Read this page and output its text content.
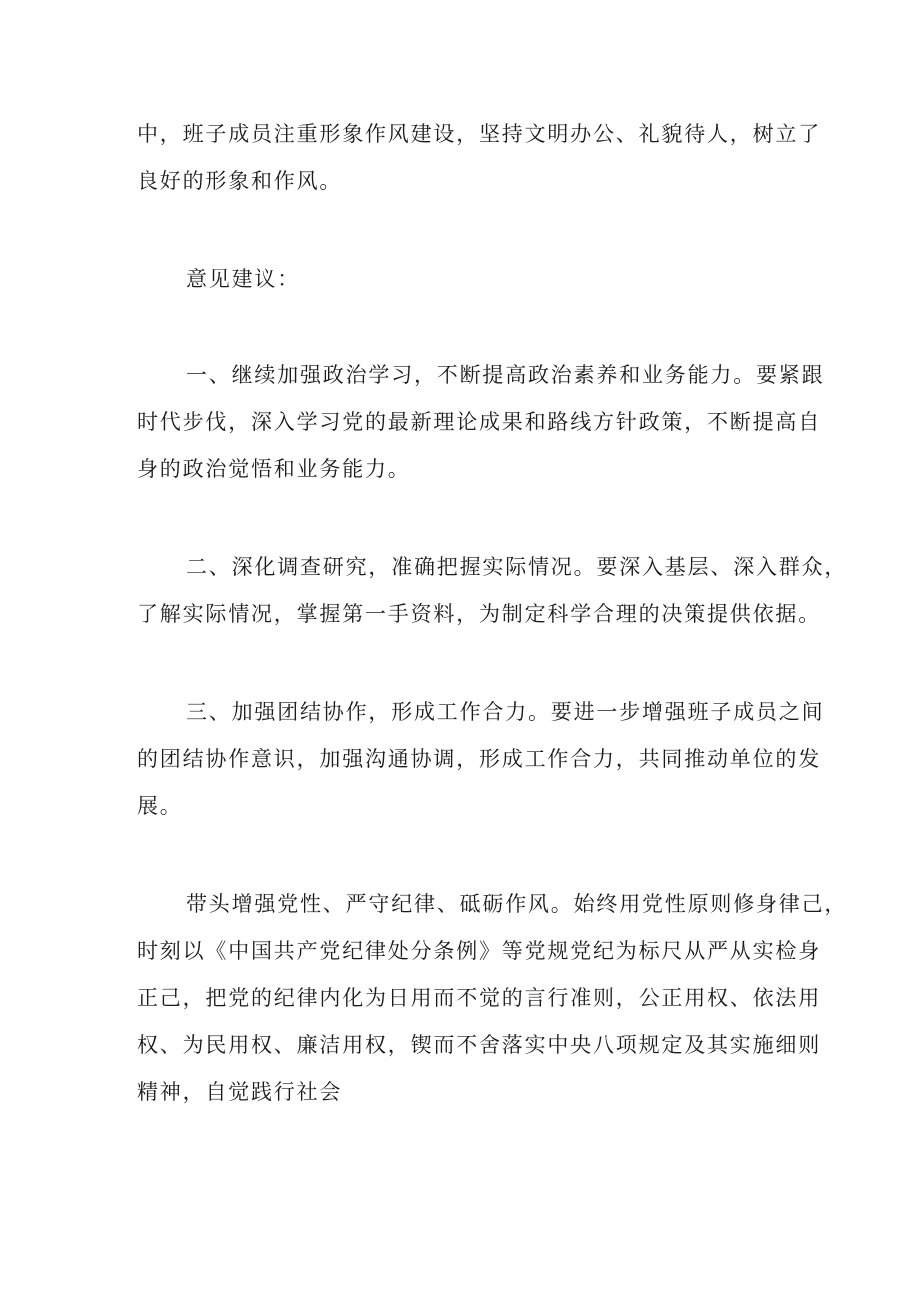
中，班子成员注重形象作风建设，坚持文明办公、礼貌待人，树立了
良好的形象和作风。

意见建议：

一、继续加强政治学习，不断提高政治素养和业务能力。要紧跟
时代步伐，深入学习党的最新理论成果和路线方针政策，不断提高自
身的政治觉悟和业务能力。

二、深化调查研究，准确把握实际情况。要深入基层、深入群众，
了解实际情况，掌握第一手资料，为制定科学合理的决策提供依据。

三、加强团结协作，形成工作合力。要进一步增强班子成员之间
的团结协作意识，加强沟通协调，形成工作合力，共同推动单位的发
展。

带头增强党性、严守纪律、砥砺作风。始终用党性原则修身律己，
时刻以《中国共产党纪律处分条例》等党规党纪为标尺从严从实检身
正己，把党的纪律内化为日用而不觉的言行准则，公正用权、依法用
权、为民用权、廉洁用权，锲而不舍落实中央八项规定及其实施细则
精神，自觉践行社会
